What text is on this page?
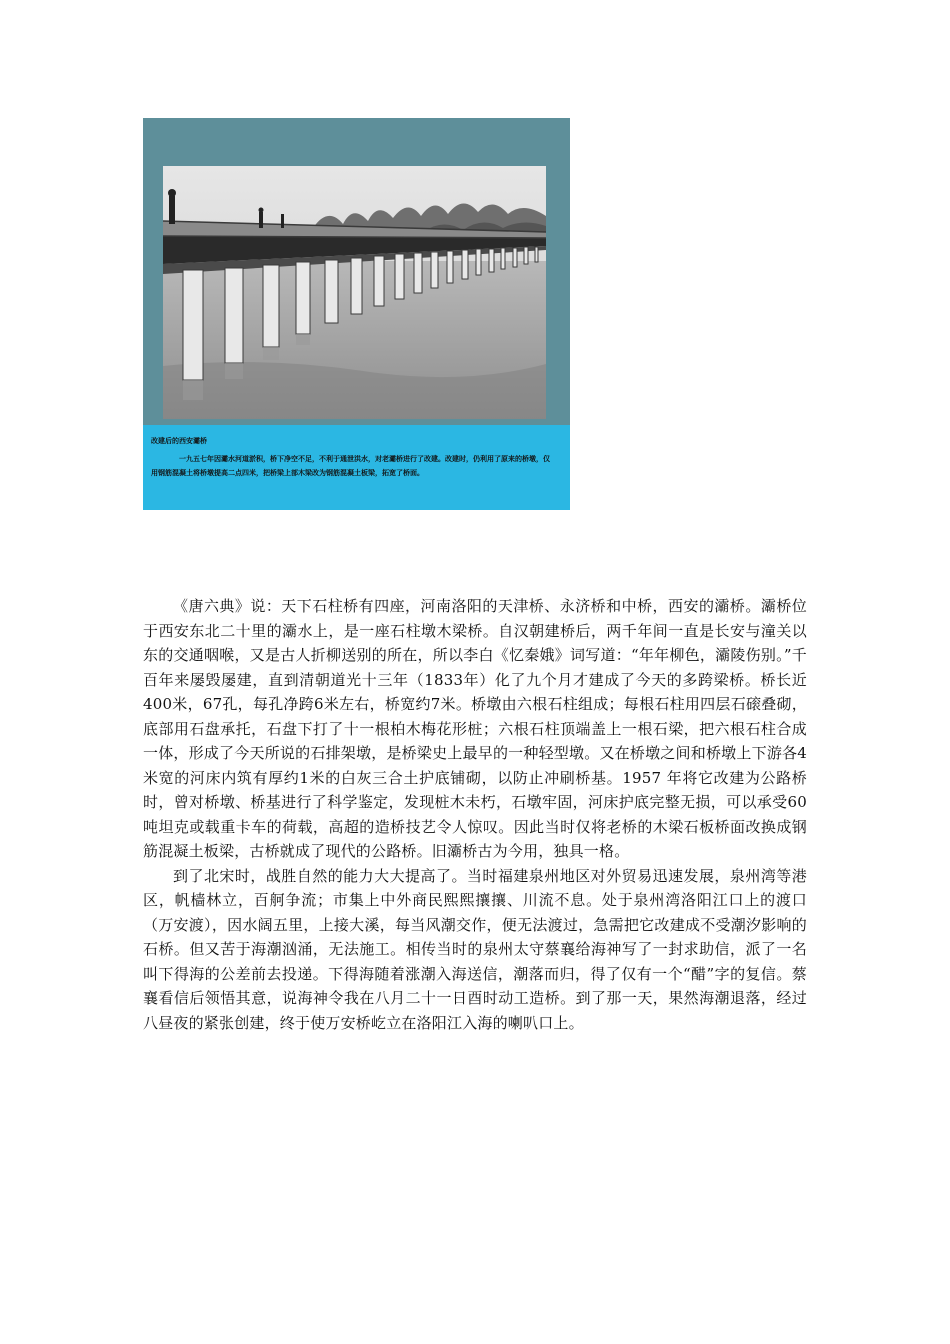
改建后的西安灞桥
一九五七年因灞水河道淤积，桥下净空不足，不利于通泄洪水，对老灞桥进行了改建。改建时，仍利用了原来的桥墩，仅用钢筋混凝土将桥墩提高二点四米，把桥梁上部木梁改为钢筋混凝土板梁，拓宽了桥面。

《唐六典》说：天下石柱桥有四座，河南洛阳的天津桥、永济桥和中桥，西安的灞桥。灞桥位于西安东北二十里的灞水上，是一座石柱墩木梁桥。自汉朝建桥后，两千年间一直是长安与潼关以东的交通咽喉，又是古人折柳送别的所在，所以李白《忆秦娥》词写道：“年年柳色，灞陵伤别。”千百年来屡毁屡建，直到清朝道光十三年（1833年）化了九个月才建成了今天的多跨梁桥。桥长近400米，67孔，每孔净跨6米左右，桥宽约7米。桥墩由六根石柱组成；每根石柱用四层石磙叠砌，底部用石盘承托，石盘下打了十一根柏木梅花形桩；六根石柱顶端盖上一根石梁，把六根石柱合成一体，形成了今天所说的石排架墩，是桥梁史上最早的一种轻型墩。又在桥墩之间和桥墩上下游各4米宽的河床内筑有厚约1米的白灰三合土护底铺砌，以防止冲刷桥基。1957 年将它改建为公路桥时，曾对桥墩、桥基进行了科学鉴定，发现桩木未朽，石墩牢固，河床护底完整无损，可以承受60吨坦克或载重卡车的荷载，高超的造桥技艺令人惊叹。因此当时仅将老桥的木梁石板桥面改换成钢筋混凝土板梁，古桥就成了现代的公路桥。旧灞桥古为今用，独具一格。

到了北宋时，战胜自然的能力大大提高了。当时福建泉州地区对外贸易迅速发展，泉州湾等港区，帆樯林立，百舸争流；市集上中外商民熙熙攘攘、川流不息。处于泉州湾洛阳江口上的渡口（万安渡），因水阔五里，上接大溪，每当风潮交作，便无法渡过，急需把它改建成不受潮汐影响的石桥。但又苦于海潮汹涌，无法施工。相传当时的泉州太守蔡襄给海神写了一封求助信，派了一名叫下得海的公差前去投递。下得海随着涨潮入海送信，潮落而归，得了仅有一个“醋”字的复信。蔡襄看信后领悟其意，说海神令我在八月二十一日酉时动工造桥。到了那一天，果然海潮退落，经过八昼夜的紧张创建，终于使万安桥屹立在洛阳江入海的喇叭口上。
